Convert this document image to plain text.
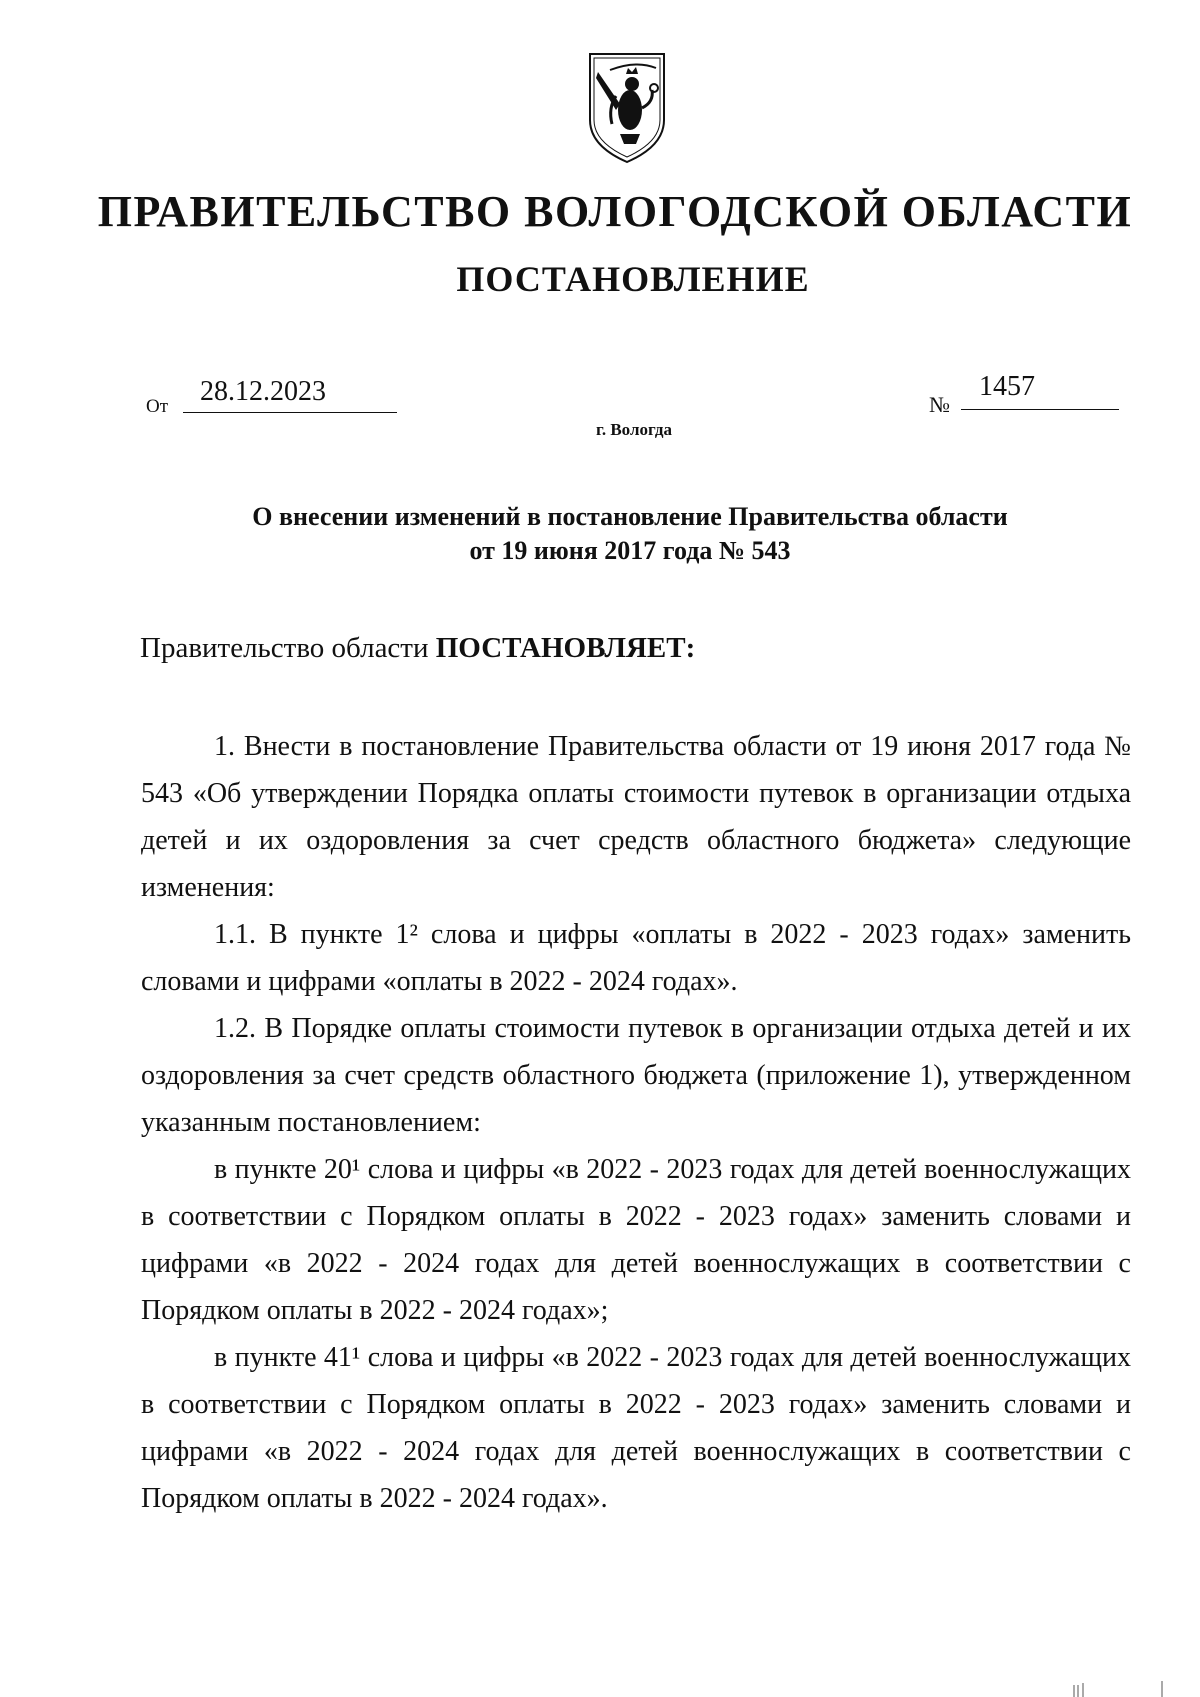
ПРАВИТЕЛЬСТВО ВОЛОГОДСКОЙ ОБЛАСТИ
ПОСТАНОВЛЕНИЕ
От 28.12.2023	№
1457
г. Вологда
О внесении изменений в постановление Правительства области
от 19 июня 2017 года № 543
Правительство области ПОСТАНОВЛЯЕТ:

1. Внести в постановление Правительства области от 19 июня 2017 года № 543 «Об утверждении Порядка оплаты стоимости путевок в организации отдыха детей и их оздоровления за счет средств областного бюджета» следующие изменения:

1.1. В пункте 1² слова и цифры «оплаты в 2022 - 2023 годах» заменить словами и цифрами «оплаты в 2022 - 2024 годах».

1.2. В Порядке оплаты стоимости путевок в организации отдыха детей и их оздоровления за счет средств областного бюджета (приложение 1), утвержденном указанным постановлением:

в пункте 20¹ слова и цифры «в 2022 - 2023 годах для детей военнослужащих в соответствии с Порядком оплаты в 2022 - 2023 годах» заменить словами и цифрами «в 2022 - 2024 годах для детей военнослужащих в соответствии с Порядком оплаты в 2022 - 2024 годах»;

в пункте 41¹ слова и цифры «в 2022 - 2023 годах для детей военнослужащих в соответствии с Порядком оплаты в 2022 - 2023 годах» заменить словами и цифрами «в 2022 - 2024 годах для детей военнослужащих в соответствии с Порядком оплаты в 2022 - 2024 годах».
